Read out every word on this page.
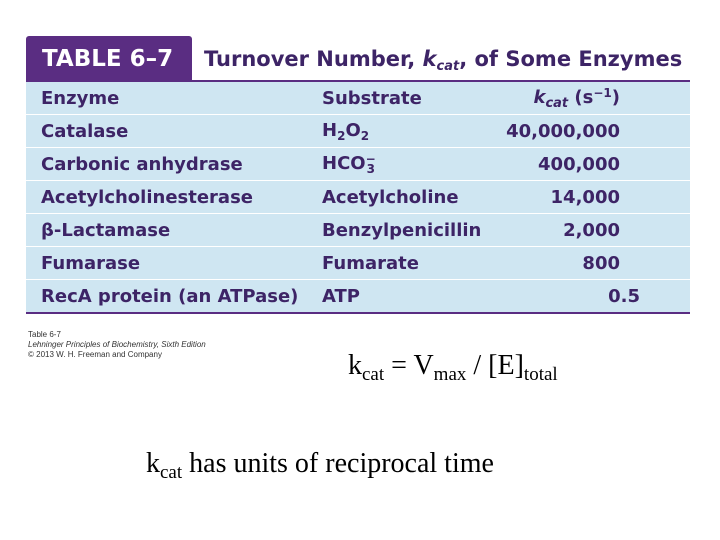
TABLE 6–7	Turnover Number, $k_{cat}$, of Some Enzymes
Enzyme	Substrate	$k_{cat}$ $(s^{-1})$
Catalase	$H_2O_2$	40,000,000
Carbonic anhydrase	$HCO^-_3$	400,000
Acetylcholinesterase	Acetylcholine	14,000
β-Lactamase	Benzylpenicillin	2,000
Fumarase	Fumarate	800
RecA protein (an ATPase)	ATP	0.5
Table 6-7
Lehninger Principles of Biochemistry, Sixth Edition
© 2013 W. H. Freeman and Company	$k_{cat} = V_{max} / [E]_{total}$
$k_{cat}$ has units of reciprocal time
